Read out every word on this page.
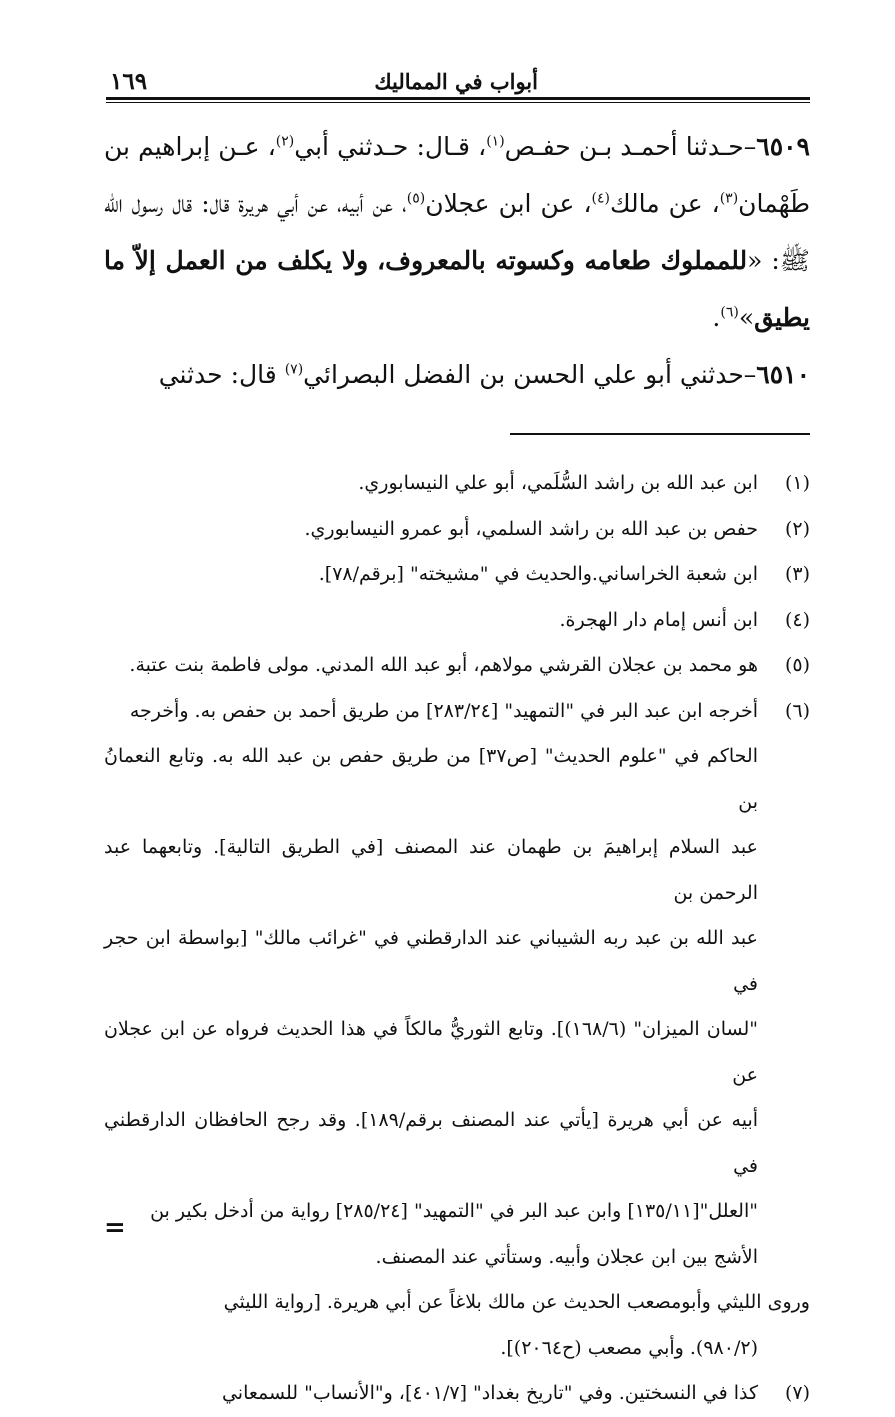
أبواب في المماليك
١٦٩

٦٥٠٩–حـدثنا أحمـد بـن حفـص$^{(١)}$، قـال: حـدثني أبي$^{(٢)}$، عـن إبراهيم بن طَهْمان$^{(٣)}$، عن مالك$^{(٤)}$، عن ابن عجلان$^{(٥)}$، عن أبيه، عن أبي هريرة قال: قال رسول الله ﷺ: «للمملوك طعامه وكسوته بالمعروف، ولا يكلف من العمل إلاّ ما يطيق»$^{(٦)}$.

٦٥١٠–حدثني أبو علي الحسن بن الفضل البصرائي$^{(٧)}$ قال: حدثني

(١)
ابن عبد الله بن راشد السُّلَمي، أبو علي النيسابوري.
(٢)
حفص بن عبد الله بن راشد السلمي، أبو عمرو النيسابوري.
(٣)
ابن شعبة الخراساني.والحديث في "مشيخته" [برقم/٧٨].
(٤)
ابن أنس إمام دار الهجرة.
(٥)
هو محمد بن عجلان القرشي مولاهم، أبو عبد الله المدني. مولى فاطمة بنت عتبة.
(٦)
أخرجه ابن عبد البر في "التمهيد" [٢٨٣/٢٤] من طريق أحمد بن حفص به. وأخرجه
الحاكم في "علوم الحديث" [ص٣٧] من طريق حفص بن عبد الله به. وتابع النعمانُ بن
عبد السلام إبراهيمَ بن طهمان عند المصنف [في الطريق التالية]. وتابعهما عبد الرحمن بن
عبد الله بن عبد ربه الشيباني عند الدارقطني في "غرائب مالك" [بواسطة ابن حجر في
"لسان الميزان" (١٦٨/٦)]. وتابع الثوريُّ مالكاً في هذا الحديث فرواه عن ابن عجلان عن
أبيه عن أبي هريرة [يأتي عند المصنف برقم/١٨٩]. وقد رجح الحافظان الدارقطني في
"العلل"[١٣٥/١١] وابن عبد البر في "التمهيد" [٢٨٥/٢٤] رواية من أدخل بكير بن
الأشج بين ابن عجلان وأبيه. وستأتي عند المصنف.
وروى الليثي وأبومصعب الحديث عن مالك بلاغاً عن أبي هريرة. [رواية الليثي
(٩٨٠/٢). وأبي مصعب (ح٢٠٦٤)].
(٧)
كذا في النسختين. وفي "تاريخ بغداد" [٤٠١/٧]، و"الأنساب" للسمعاني
=
